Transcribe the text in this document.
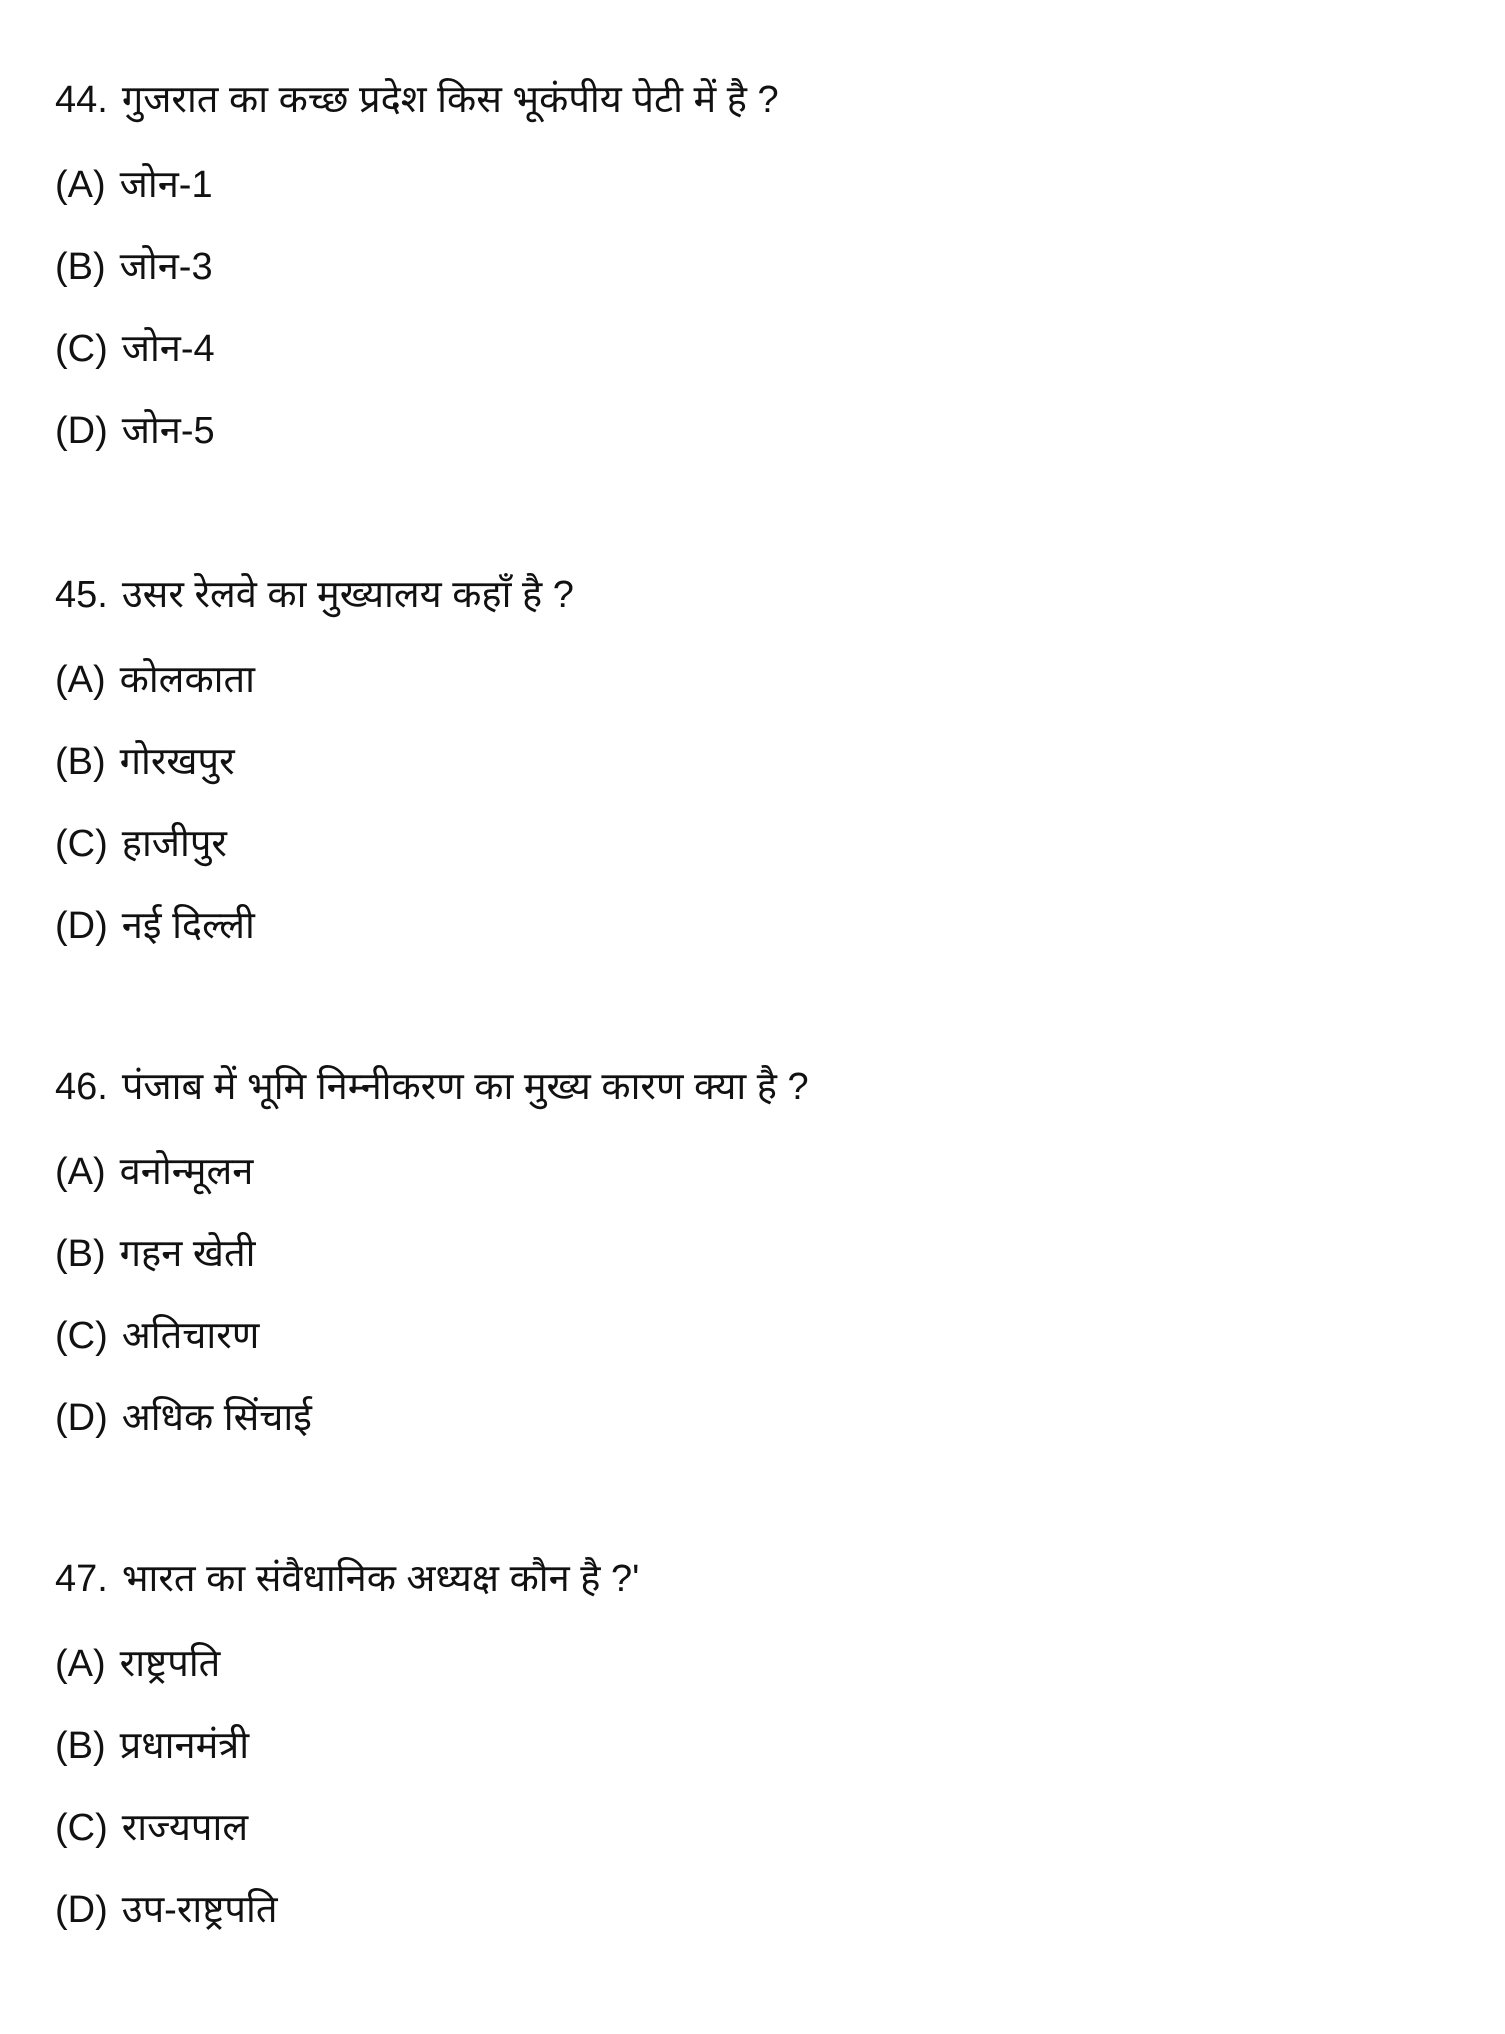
44. गुजरात का कच्छ प्रदेश किस भूकंपीय पेटी में है ?
(A) जोन-1
(B) जोन-3
(C) जोन-4
(D) जोन-5
45. उसर रेलवे का मुख्यालय कहाँ है ?
(A) कोलकाता
(B) गोरखपुर
(C) हाजीपुर
(D) नई दिल्ली
46. पंजाब में भूमि निम्नीकरण का मुख्य कारण क्या है ?
(A) वनोन्मूलन
(B) गहन खेती
(C) अतिचारण
(D) अधिक सिंचाई
47. भारत का संवैधानिक अध्यक्ष कौन है ?'
(A) राष्ट्रपति
(B) प्रधानमंत्री
(C) राज्यपाल
(D) उप-राष्ट्रपति
